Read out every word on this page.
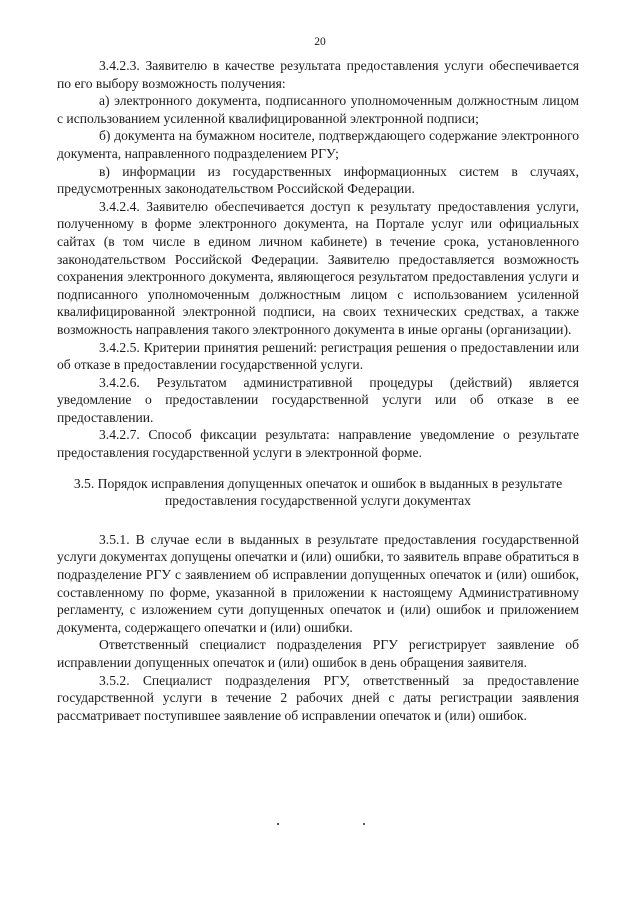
20

3.4.2.3. Заявителю в качестве результата предоставления услуги обеспечивается по его выбору возможность получения:

а) электронного документа, подписанного уполномоченным должностным лицом с использованием усиленной квалифицированной электронной подписи;

б) документа на бумажном носителе, подтверждающего содержание электронного документа, направленного подразделением РГУ;

в) информации из государственных информационных систем в случаях, предусмотренных законодательством Российской Федерации.

3.4.2.4. Заявителю обеспечивается доступ к результату предоставления услуги, полученному в форме электронного документа, на Портале услуг или официальных сайтах (в том числе в едином личном кабинете) в течение срока, установленного законодательством Российской Федерации. Заявителю предоставляется возможность сохранения электронного документа, являющегося результатом предоставления услуги и подписанного уполномоченным должностным лицом с использованием усиленной квалифицированной электронной подписи, на своих технических средствах, а также возможность направления такого электронного документа в иные органы (организации).

3.4.2.5. Критерии принятия решений: регистрация решения о предоставлении или об отказе в предоставлении государственной услуги.

3.4.2.6. Результатом административной процедуры (действий) является уведомление о предоставлении государственной услуги или об отказе в ее предоставлении.

3.4.2.7. Способ фиксации результата: направление уведомление о результате предоставления государственной услуги в электронной форме.

3.5. Порядок исправления допущенных опечаток и ошибок в выданных в результате предоставления государственной услуги документах

3.5.1. В случае если в выданных в результате предоставления государственной услуги документах допущены опечатки и (или) ошибки, то заявитель вправе обратиться в подразделение РГУ с заявлением об исправлении допущенных опечаток и (или) ошибок, составленному по форме, указанной в приложении к настоящему Административному регламенту, с изложением сути допущенных опечаток и (или) ошибок и приложением документа, содержащего опечатки и (или) ошибки.

Ответственный специалист подразделения РГУ регистрирует заявление об исправлении допущенных опечаток и (или) ошибок в день обращения заявителя.

3.5.2. Специалист подразделения РГУ, ответственный за предоставление государственной услуги в течение 2 рабочих дней с даты регистрации заявления рассматривает поступившее заявление об исправлении опечаток и (или) ошибок.
